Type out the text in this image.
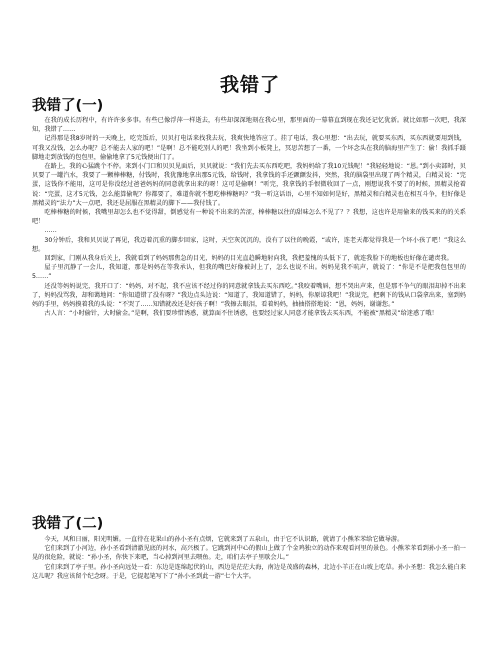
我错了
我错了(一)

在我的成长历程中，有许许多多事。有些已像浮萍一样逝去，有些却深深地刻在我心里，那里面的一幕幕直到现在我还记忆犹新。就比如那一次吧，我深知，我错了……

记得那是我8岁时的一天晚上，吃完饭后，贝贝打电话来找我去玩，我爽快地答应了。挂了电话，我心里想：“出去玩，就要买东西，买东西就要用到钱，可我又没钱，怎么办呢？总不能去人家的吧！”是啊！总不能吃别人的吧！我坐到小板凳上，冥思苦想了一番，一个坏念头在我的脑海里产生了：偷！我抓手蹑脚地走到放钱的包包里，偷偷地拿了5元钱便出门了。

在路上，我的心猛跳个不停。来到小门口和贝贝见面后，贝贝就说：“我们先去买东西吃吧，我妈妈给了我10元钱呢！”我轻轻地说：“恩。”到小卖部时，贝贝要了一罐汽水，我要了一颗棒棒糖，付钱时，我犹豫地拿出那5元钱，给钱时，我拿钱的手还颤颤发抖，突然，我的脑袋里出现了两个精灵，白精灵说：“完蛋，这钱你不能用，这可是你没经过爸爸妈妈的同意就拿出来的呀！这可是偷啊！”听完，我拿钱的手恨微收回了一点，刚想说我不要了的时候，黑精灵抢着说：“完蛋，这才5元钱，怎么能算偷呢？你都要了，难道你就不想吃棒棒糖吗？”我一听这话语，心里不知如何是好，黑精灵和白精灵也在相互斗争，但好像是黑精灵的“法力”大一点吧，我还是屈服在黑精灵的脚下——我付钱了。

吃棒棒糖的时候，我嘴里却怎么也不觉得甜，倒感觉有一种说不出来的苦涩，棒棒糖以往的甜味怎么不见了？？我想，这也许是用偷来的钱买来的的关系吧！

……

30分钟后，我和贝贝说了再见，我迈着沉重的脚步回家，这时，天空灰沉沉的，没有了以往的晚霞，“或许，连老天都觉得我是一个坏小孩了吧！”我这么想。

回到家，门刚从我身后关上，我就看到了妈妈那焦急的目光，妈妈的目光直趋瞬地射向我，我把羞愧的头低下了，就连我脸下的地板也好像在谴责我。

屋子里沉静了一会儿，我知道，那是妈妈在等我承认，但我的嘴巴好像被封上了，怎么也说不出。妈妈见我不吭声，就说了：“你是不是把我包包里的5……”

还没等妈妈说完，我开口了：“妈妈，对不起，我不应该不经过你的同意就拿钱去买东西吃。”我咬着嘴唇，想不哭出声来，但是那不争气的眼泪却掉不出来了，妈妈没骂我，却和蔼地问：“你知道错了没有呀？”我边点头边说：“知道了，我知道错了，妈妈，你原谅我吧！”我说完，把剩下的钱从口袋拿出来，塞到妈妈的手里，妈妈摸着我的头说：“不哭了……知错就改还是好孩子啊！”我擦去眼泪，看着妈妈，抽抽搭搭地说：“恩，妈妈，谢谢您。”

古人言：“小时偷针，大时偷金。”是啊，我们要珍惜诱惑，就算面不住诱惑，也要经过家人同意才能拿钱去买东西，不能被“黑精灵”给迷惑了哦！

我错了(二)

今天，风和日丽，阳光明媚。一直待在花果山的孙小圣有点烦，它就来到了五泉山，由于它不认识路，就请了小熊苯苯给它做导游。

它们来到了小河边，孙小圣看到清澈见底的河水，高兴极了。它跳到河中心的假山上做了个金鸡独立的动作来观看河里的景色。小熊苯苯看到孙小圣一拍一晃的很危险，就说：“孙小圣，你快下来吧，当心掉到河里去喂鱼。走，咱们去亭子里歇会儿。”

它们来到了亭子里。孙小圣向远处一看：东边是连绵起伏的山，西边是茫茫大海，南边是茂盛的森林，北边小羊正在山坡上吃草。孙小圣想：我怎么能白来这儿呢？我应该留个纪念呀。于是，它提起笔写下了“孙小圣到此一游”七个大字。
